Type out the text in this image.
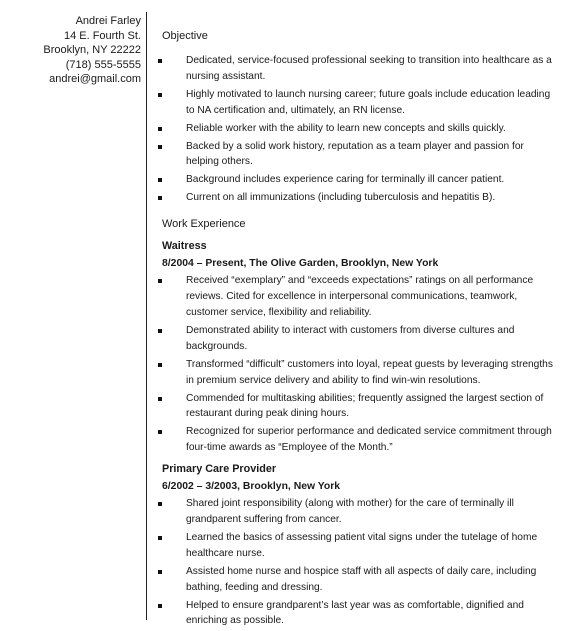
Andrei Farley
14 E. Fourth St.
Brooklyn, NY 22222
(718) 555-5555
andrei@gmail.com
Objective
Dedicated, service-focused professional seeking to transition into healthcare as a nursing assistant.
Highly motivated to launch nursing career; future goals include education leading to NA certification and, ultimately, an RN license.
Reliable worker with the ability to learn new concepts and skills quickly.
Backed by a solid work history, reputation as a team player and passion for helping others.
Background includes experience caring for terminally ill cancer patient.
Current on all immunizations (including tuberculosis and hepatitis B).
Work Experience
Waitress
8/2004 – Present, The Olive Garden, Brooklyn, New York
Received “exemplary” and “exceeds expectations” ratings on all performance reviews. Cited for excellence in interpersonal communications, teamwork, customer service, flexibility and reliability.
Demonstrated ability to interact with customers from diverse cultures and backgrounds.
Transformed “difficult” customers into loyal, repeat guests by leveraging strengths in premium service delivery and ability to find win-win resolutions.
Commended for multitasking abilities; frequently assigned the largest section of restaurant during peak dining hours.
Recognized for superior performance and dedicated service commitment through four-time awards as “Employee of the Month.”
Primary Care Provider
6/2002 – 3/2003, Brooklyn, New York
Shared joint responsibility (along with mother) for the care of terminally ill grandparent suffering from cancer.
Learned the basics of assessing patient vital signs under the tutelage of home healthcare nurse.
Assisted home nurse and hospice staff with all aspects of daily care, including bathing, feeding and dressing.
Helped to ensure grandparent’s last year was as comfortable, dignified and enriching as possible.
